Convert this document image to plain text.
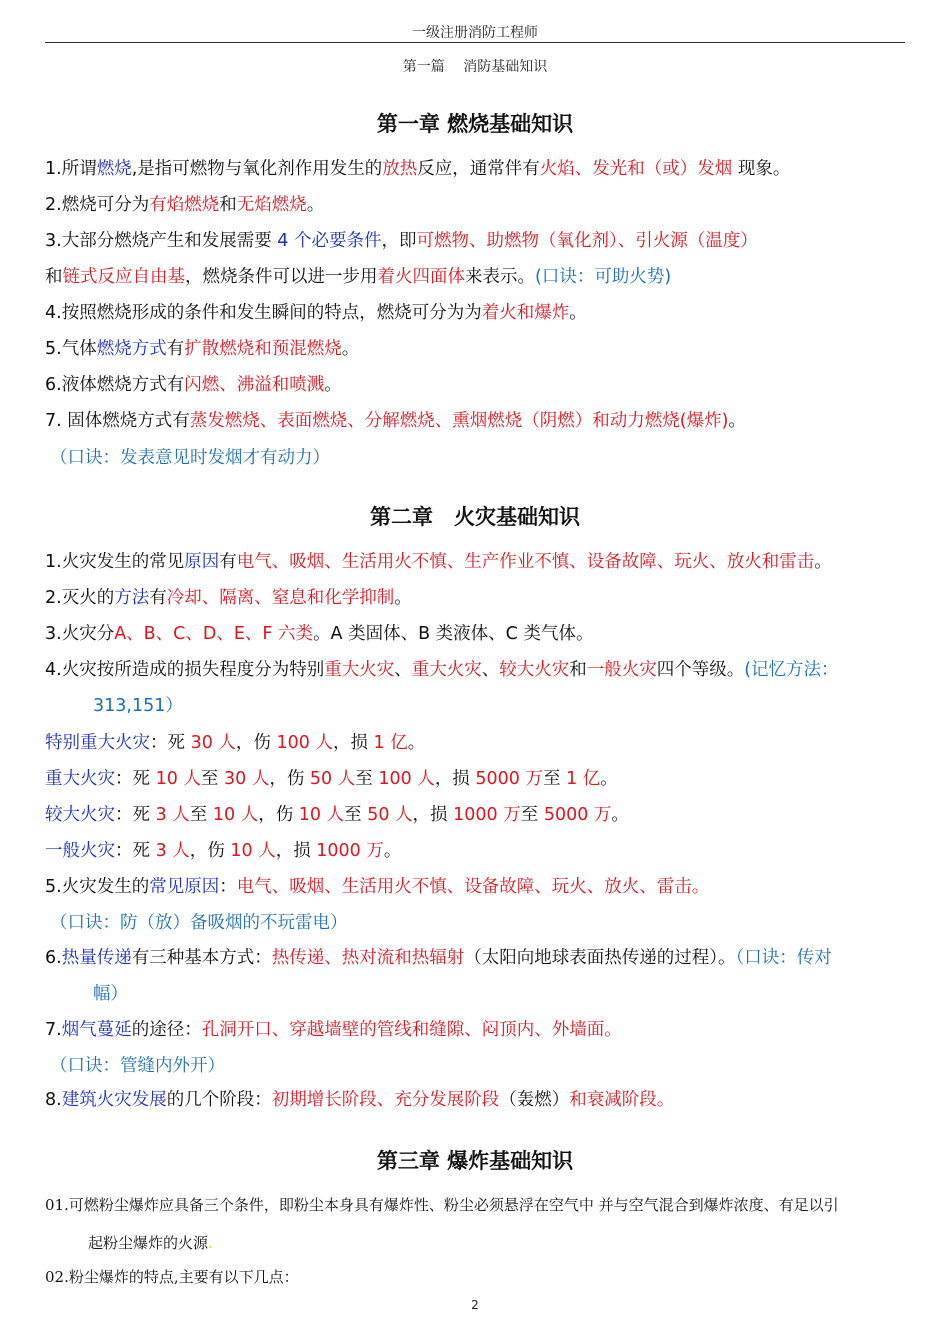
一级注册消防工程师
第一篇　 消防基础知识
第一章 燃烧基础知识
第二章　火灾基础知识
第三章 爆炸基础知识
1.所谓燃烧,是指可燃物与氧化剂作用发生的放热反应，通常伴有火焰、发光和（或）发烟 现象。
2.燃烧可分为有焰燃烧和无焰燃烧。
3.大部分燃烧产生和发展需要 4 个必要条件，即可燃物、助燃物（氧化剂）、引火源（温度）
和链式反应自由基，燃烧条件可以进一步用着火四面体来表示。(口诀：可助火势)
4.按照燃烧形成的条件和发生瞬间的特点，燃烧可分为为着火和爆炸。
5.气体燃烧方式有扩散燃烧和预混燃烧。
6.液体燃烧方式有闪燃、沸溢和喷溅。
7. 固体燃烧方式有蒸发燃烧、表面燃烧、分解燃烧、熏烟燃烧（阴燃）和动力燃烧(爆炸)。
（口诀：发表意见时发烟才有动力）
1.火灾发生的常见原因有电气、吸烟、生活用火不慎、生产作业不慎、设备故障、玩火、放火和雷击。
2.灭火的方法有冷却、隔离、窒息和化学抑制。
3.火灾分A、B、C、D、E、F 六类。A 类固体、B 类液体、C 类气体。
4.火灾按所造成的损失程度分为特别重大火灾、重大火灾、较大火灾和一般火灾四个等级。(记忆方法：
313,151）
特别重大火灾：死 30 人，伤 100 人，损 1 亿。
重大火灾：死 10 人至 30 人，伤 50 人至 100 人，损 5000 万至 1 亿。
较大火灾：死 3 人至 10 人，伤 10 人至 50 人，损 1000 万至 5000 万。
一般火灾：死 3 人，伤 10 人，损 1000 万。
5.火灾发生的常见原因：电气、吸烟、生活用火不慎、设备故障、玩火、放火、雷击。
（口诀：防（放）备吸烟的不玩雷电）
6.热量传递有三种基本方式：热传递、热对流和热辐射（太阳向地球表面热传递的过程）。（口诀：传对
幅）
7.烟气蔓延的途径：孔洞开口、穿越墙壁的管线和缝隙、闷顶内、外墙面。
（口诀：管缝内外开）
8.建筑火灾发展的几个阶段：初期增长阶段、充分发展阶段（轰燃）和衰减阶段。
01.可燃粉尘爆炸应具备三个条件，即粉尘本身具有爆炸性、粉尘必须悬浮在空气中 并与空气混合到爆炸浓度、有足以引
起粉尘爆炸的火源.
02.粉尘爆炸的特点,主要有以下几点：
2
